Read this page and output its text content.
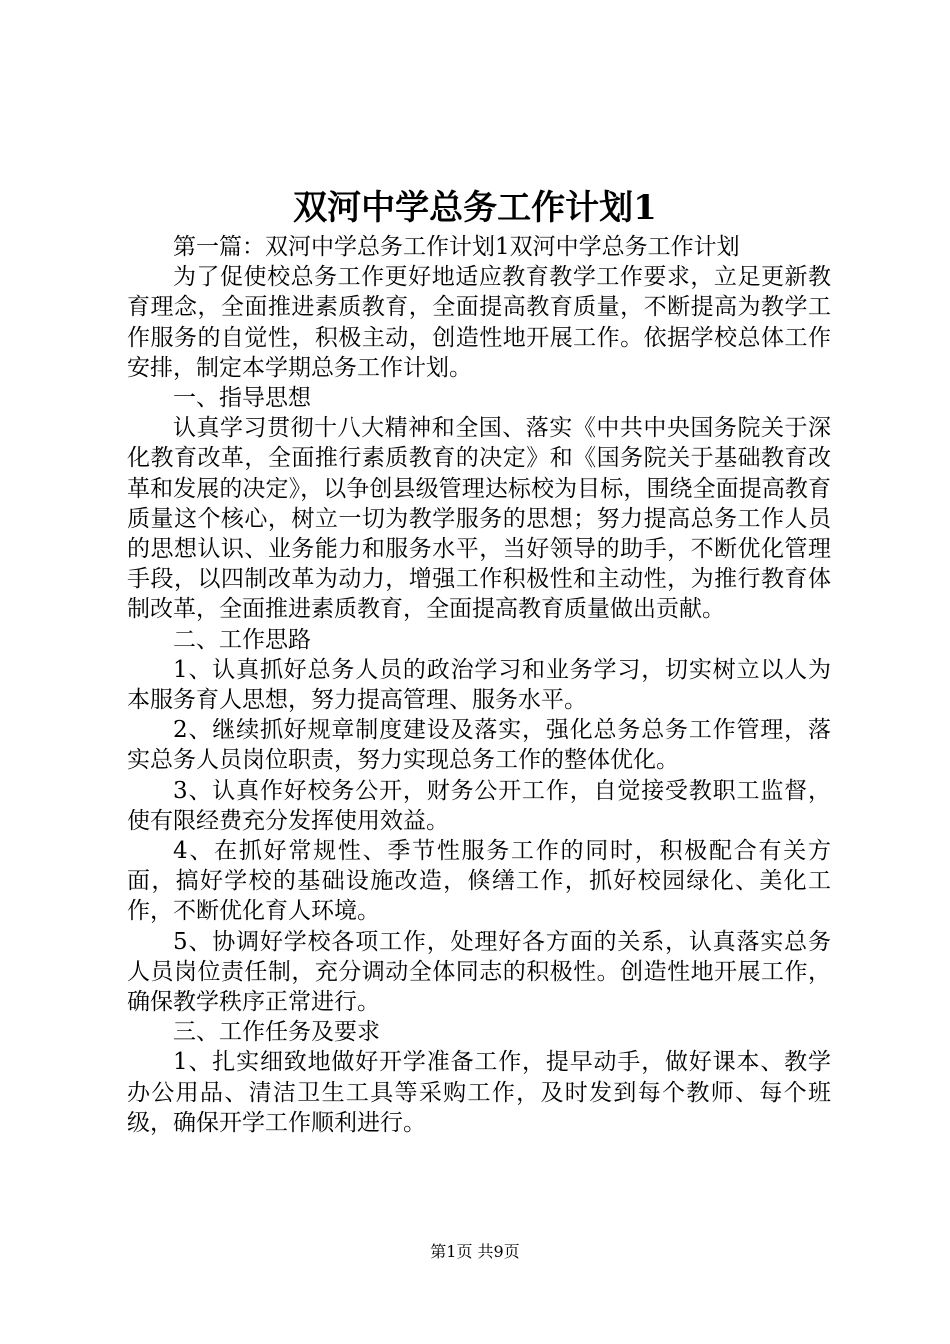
双河中学总务工作计划1

第一篇：双河中学总务工作计划1双河中学总务工作计划

为了促使校总务工作更好地适应教育教学工作要求，立足更新教育理念，全面推进素质教育，全面提高教育质量，不断提高为教学工作服务的自觉性，积极主动，创造性地开展工作。依据学校总体工作安排，制定本学期总务工作计划。

一、指导思想

认真学习贯彻十八大精神和全国、落实《中共中央国务院关于深化教育改革，全面推行素质教育的决定》和《国务院关于基础教育改革和发展的决定》，以争创县级管理达标校为目标，围绕全面提高教育质量这个核心，树立一切为教学服务的思想；努力提高总务工作人员的思想认识、业务能力和服务水平，当好领导的助手，不断优化管理手段，以四制改革为动力，增强工作积极性和主动性，为推行教育体制改革，全面推进素质教育，全面提高教育质量做出贡献。

二、工作思路

1、认真抓好总务人员的政治学习和业务学习，切实树立以人为本服务育人思想，努力提高管理、服务水平。

2、继续抓好规章制度建设及落实，强化总务总务工作管理，落实总务人员岗位职责，努力实现总务工作的整体优化。

3、认真作好校务公开，财务公开工作，自觉接受教职工监督，使有限经费充分发挥使用效益。

4、在抓好常规性、季节性服务工作的同时，积极配合有关方面，搞好学校的基础设施改造，倏缮工作，抓好校园绿化、美化工作，不断优化育人环境。

5、协调好学校各项工作，处理好各方面的关系，认真落实总务人员岗位责任制，充分调动全体同志的积极性。创造性地开展工作，确保教学秩序正常进行。

三、工作任务及要求

1、扎实细致地做好开学准备工作，提早动手，做好课本、教学办公用品、清洁卫生工具等采购工作，及时发到每个教师、每个班级，确保开学工作顺利进行。

第1页 共9页
